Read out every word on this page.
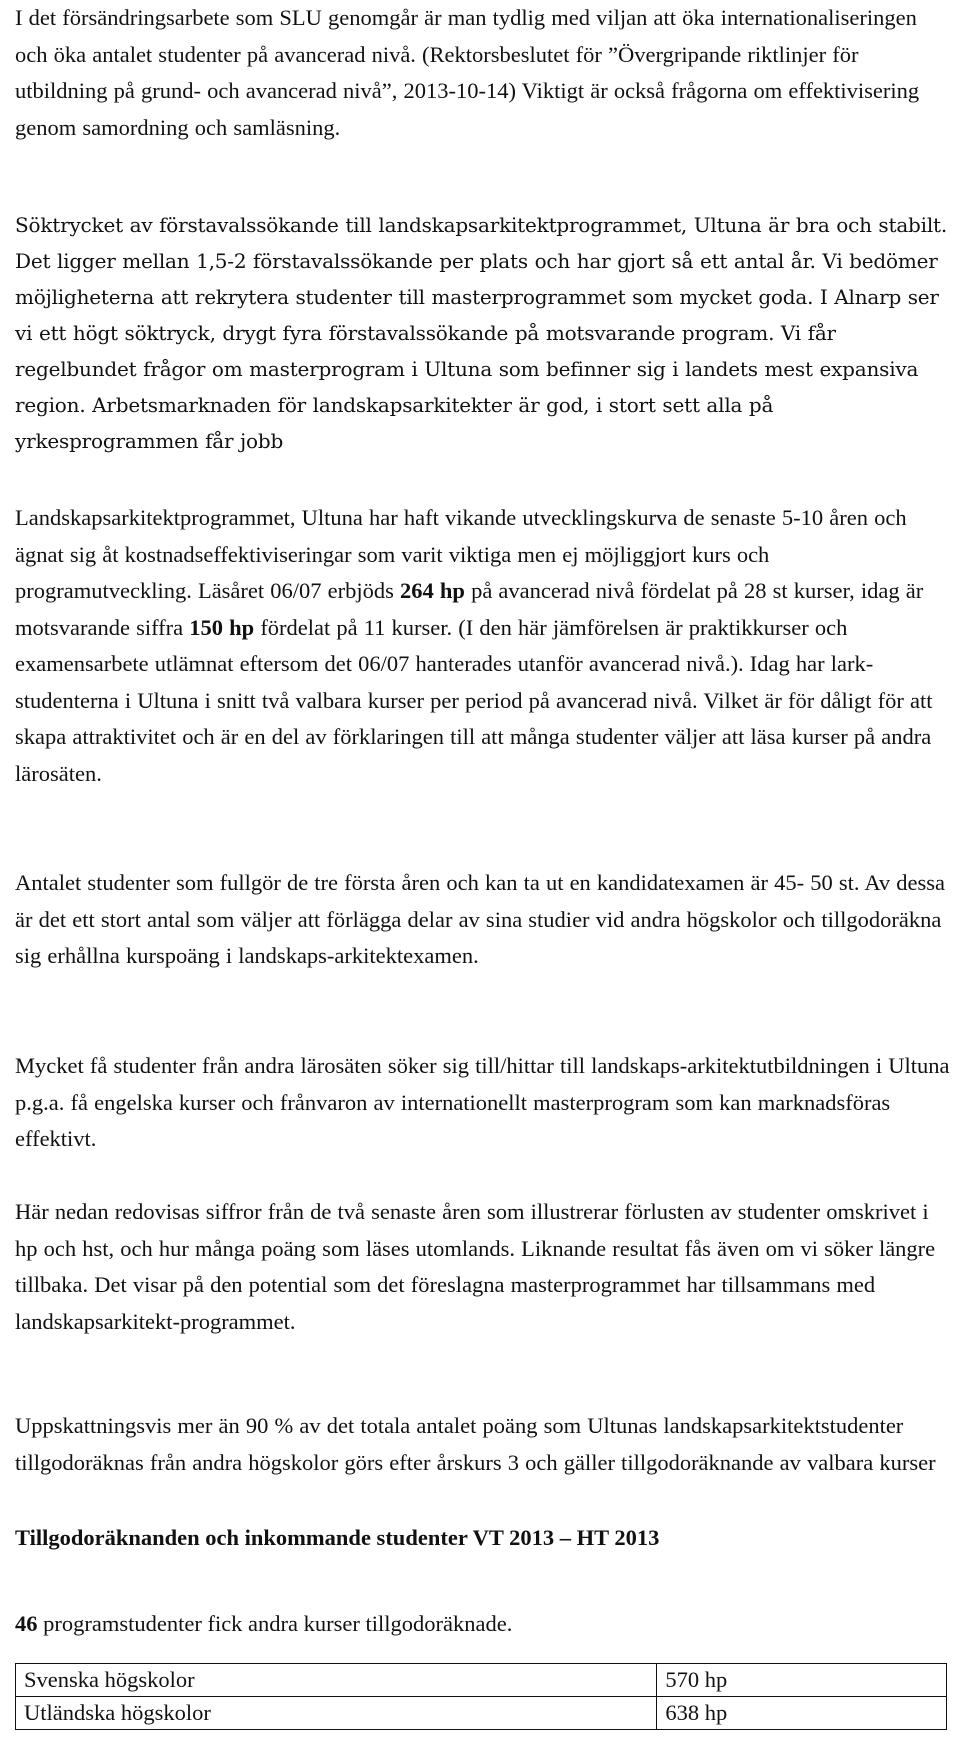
I det försändringsarbete som SLU genomgår är man tydlig med viljan att öka internationaliseringen och öka antalet studenter på avancerad nivå. (Rektorsbeslutet för ”Övergripande riktlinjer för utbildning på grund- och avancerad nivå”, 2013-10-14) Viktigt är också frågorna om effektivisering genom samordning och samläsning.

Söktrycket av förstavalssökande till landskapsarkitektprogrammet, Ultuna är bra och stabilt. Det ligger mellan 1,5-2 förstavalssökande per plats och har gjort så ett antal år. Vi bedömer möjligheterna att rekrytera studenter till masterprogrammet som mycket goda. I Alnarp ser vi ett högt söktryck, drygt fyra förstavalssökande på motsvarande program. Vi får regelbundet frågor om masterprogram i Ultuna som befinner sig i landets mest expansiva region. Arbetsmarknaden för landskapsarkitekter är god, i stort sett alla på yrkesprogrammen får jobb

Landskapsarkitektprogrammet, Ultuna har haft vikande utvecklingskurva de senaste 5-10 åren och ägnat sig åt kostnadseffektiviseringar som varit viktiga men ej möjliggjort kurs och programutveckling. Läsåret 06/07 erbjöds 264 hp på avancerad nivå fördelat på 28 st kurser, idag är motsvarande siffra 150 hp fördelat på 11 kurser. (I den här jämförelsen är praktikkurser och examensarbete utlämnat eftersom det 06/07 hanterades utanför avancerad nivå.). Idag har lark-studenterna i Ultuna i snitt två valbara kurser per period på avancerad nivå. Vilket är för dåligt för att skapa attraktivitet och är en del av förklaringen till att många studenter väljer att läsa kurser på andra lärosäten.

Antalet studenter som fullgör de tre första åren och kan ta ut en kandidatexamen är 45- 50 st. Av dessa är det ett stort antal som väljer att förlägga delar av sina studier vid andra högskolor och tillgodoräkna sig erhållna kurspoäng i landskaps-arkitektexamen.

Mycket få studenter från andra lärosäten söker sig till/hittar till landskaps-arkitektutbildningen i Ultuna p.g.a. få engelska kurser och frånvaron av internationellt masterprogram som kan marknadsföras effektivt.

Här nedan redovisas siffror från de två senaste åren som illustrerar förlusten av studenter omskrivet i hp och hst, och hur många poäng som läses utomlands. Liknande resultat fås även om vi söker längre tillbaka. Det visar på den potential som det föreslagna masterprogrammet har tillsammans med landskapsarkitekt-programmet.

Uppskattningsvis mer än 90 % av det totala antalet poäng som Ultunas landskapsarkitektstudenter tillgodoräknas från andra högskolor görs efter årskurs 3 och gäller tillgodoräknande av valbara kurser

Tillgodoräknanden och inkommande studenter VT 2013 – HT 2013

46 programstudenter fick andra kurser tillgodoräknade.

Svenska högskolor	570 hp
Utländska högskolor	638 hp
